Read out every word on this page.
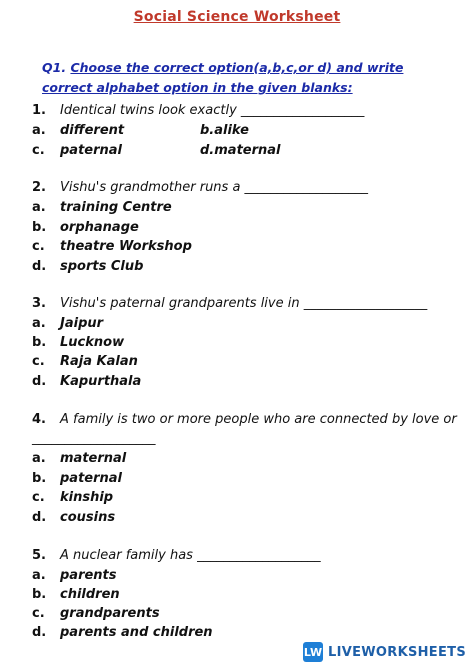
Social Science Worksheet
Q1. Choose the correct option(a,b,c,or d) and write correct alphabet option in the given blanks:
1. Identical twins look exactly ___________________
a. different	b.alike
c. paternal	d.maternal
2. Vishu's grandmother runs a ___________________
a. training Centre
b. orphanage
c. theatre Workshop
d. sports Club
3. Vishu's paternal grandparents live in ___________________
a. Jaipur
b. Lucknow
c. Raja Kalan
d. Kapurthala
4. A family is two or more people who are connected by love or
___________________
a. maternal
b. paternal
c. kinship
d. cousins
5. A nuclear family has ___________________
a. parents
b. children
c. grandparents
d. parents and children
LW LIVEWORKSHEETS
